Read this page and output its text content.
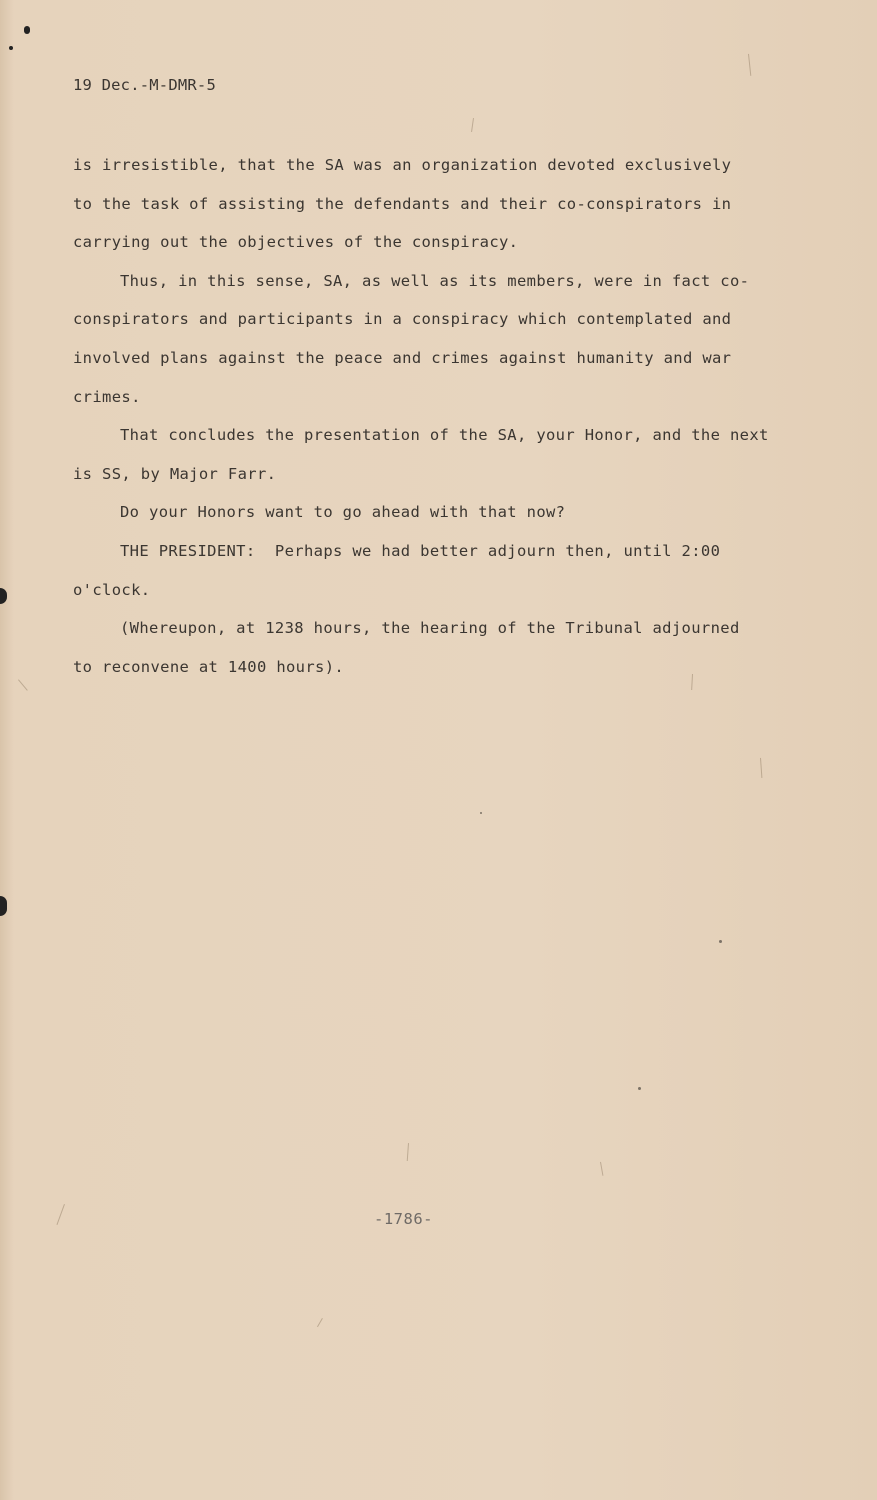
19 Dec.-M-DMR-5
is irresistible, that the SA was an organization devoted exclusively
to the task of assisting the defendants and their co-conspirators in
carrying out the objectives of the conspiracy.
Thus, in this sense, SA, as well as its members, were in fact co-
conspirators and participants in a conspiracy which contemplated and
involved plans against the peace and crimes against humanity and war
crimes.
That concludes the presentation of the SA, your Honor, and the next
is SS, by Major Farr.
Do your Honors want to go ahead with that now?
THE PRESIDENT:  Perhaps we had better adjourn then, until 2:00
o'clock.
(Whereupon, at 1238 hours, the hearing of the Tribunal adjourned
to reconvene at 1400 hours).
-1786-
